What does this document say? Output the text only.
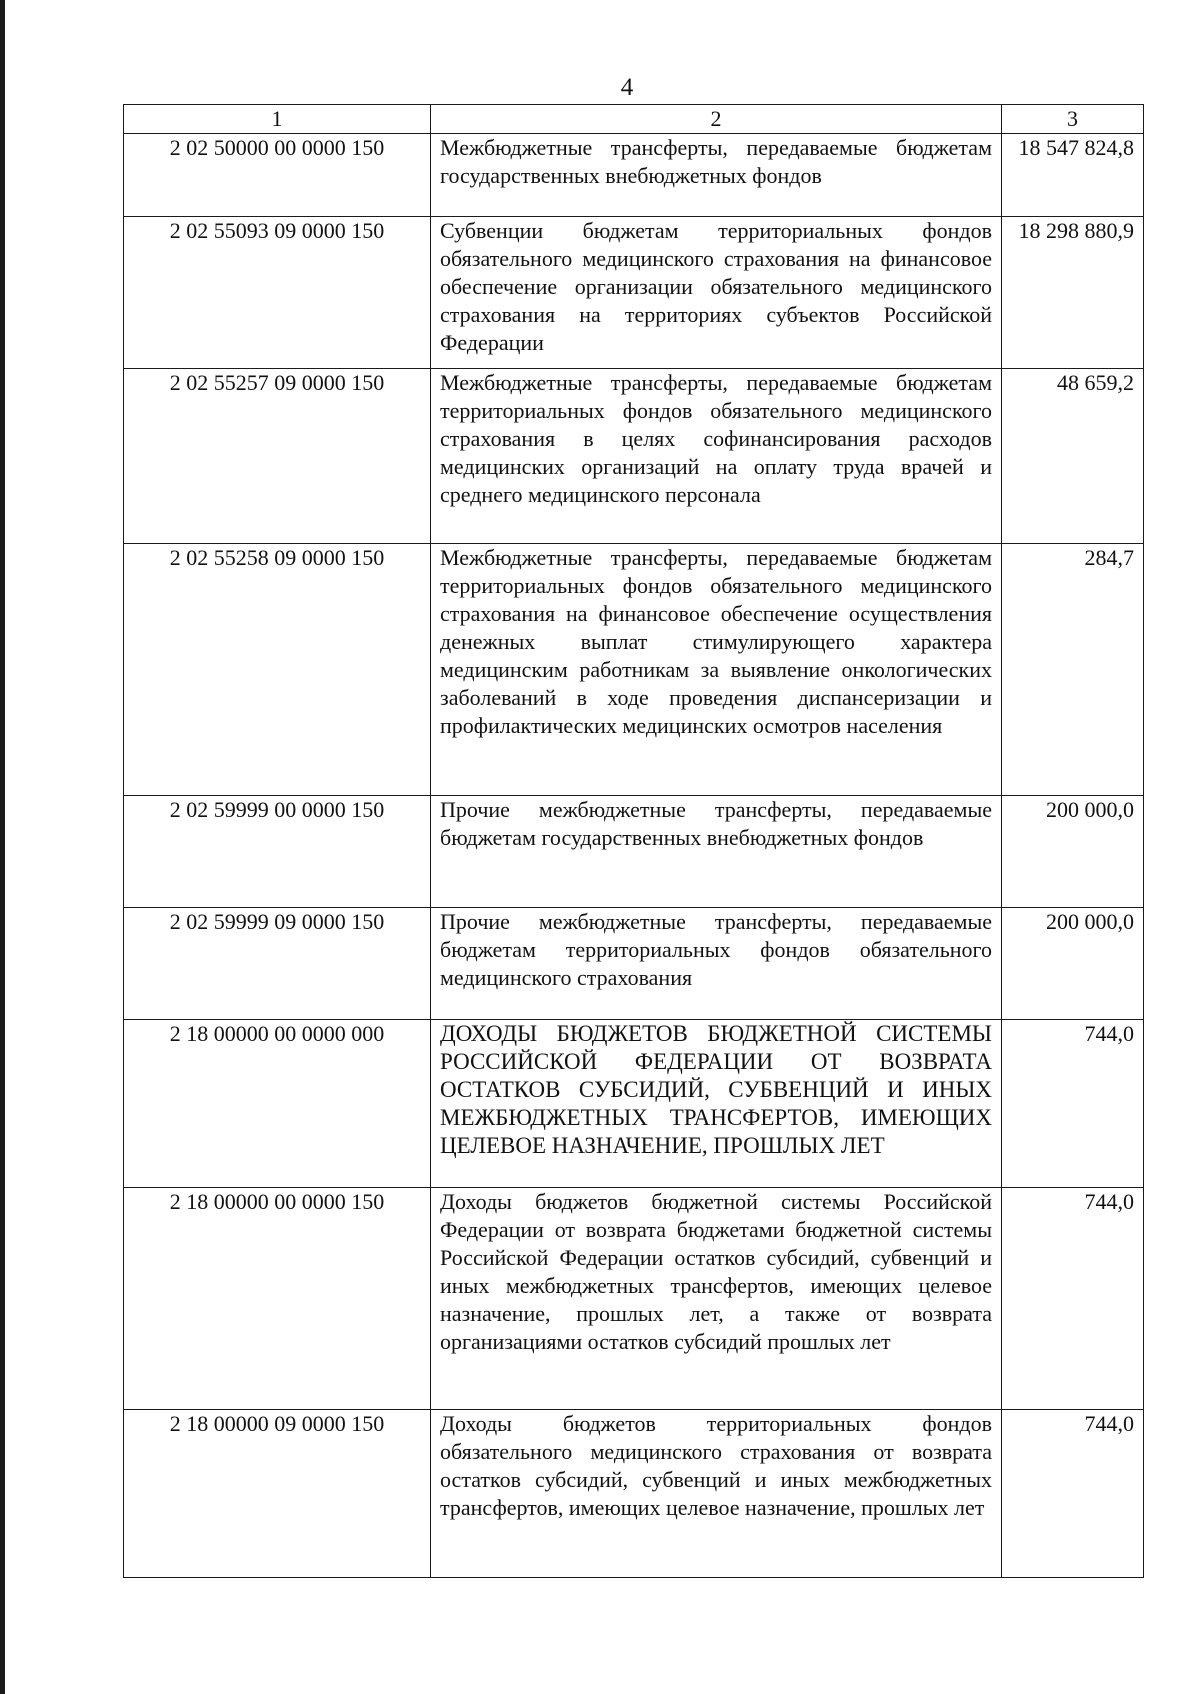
4
1	2	3
2 02 50000 00 0000 150	Межбюджетные трансферты, передаваемые бюджетам государственных внебюджетных фондов	18 547 824,8
2 02 55093 09 0000 150	Субвенции бюджетам территориальных фондов обязательного медицинского страхования на финансовое обеспечение организации обязательного медицинского страхования на территориях субъектов Российской Федерации	18 298 880,9
2 02 55257 09 0000 150	Межбюджетные трансферты, передаваемые бюджетам территориальных фондов обязательного медицинского страхования в целях софинансирования расходов медицинских организаций на оплату труда врачей и среднего медицинского персонала	48 659,2
2 02 55258 09 0000 150	Межбюджетные трансферты, передаваемые бюджетам территориальных фондов обязательного медицинского страхования на финансовое обеспечение осуществления денежных выплат стимулирующего характера медицинским работникам за выявление онкологических заболеваний в ходе проведения диспансеризации и профилактических медицинских осмотров населения	284,7
2 02 59999 00 0000 150	Прочие межбюджетные трансферты, передаваемые бюджетам государственных внебюджетных фондов	200 000,0
2 02 59999 09 0000 150	Прочие межбюджетные трансферты, передаваемые бюджетам территориальных фондов обязательного медицинского страхования	200 000,0
2 18 00000 00 0000 000	ДОХОДЫ БЮДЖЕТОВ БЮДЖЕТНОЙ СИСТЕМЫ РОССИЙСКОЙ ФЕДЕРАЦИИ ОТ ВОЗВРАТА ОСТАТКОВ СУБСИДИЙ, СУБВЕНЦИЙ И ИНЫХ МЕЖБЮДЖЕТНЫХ ТРАНСФЕРТОВ, ИМЕЮЩИХ ЦЕЛЕВОЕ НАЗНАЧЕНИЕ, ПРОШЛЫХ ЛЕТ	744,0
2 18 00000 00 0000 150	Доходы бюджетов бюджетной системы Российской Федерации от возврата бюджетами бюджетной системы Российской Федерации остатков субсидий, субвенций и иных межбюджетных трансфертов, имеющих целевое назначение, прошлых лет, а также от возврата организациями остатков субсидий прошлых лет	744,0
2 18 00000 09 0000 150	Доходы бюджетов территориальных фондов обязательного медицинского страхования от возврата остатков субсидий, субвенций и иных межбюджетных трансфертов, имеющих целевое назначение, прошлых лет	744,0
